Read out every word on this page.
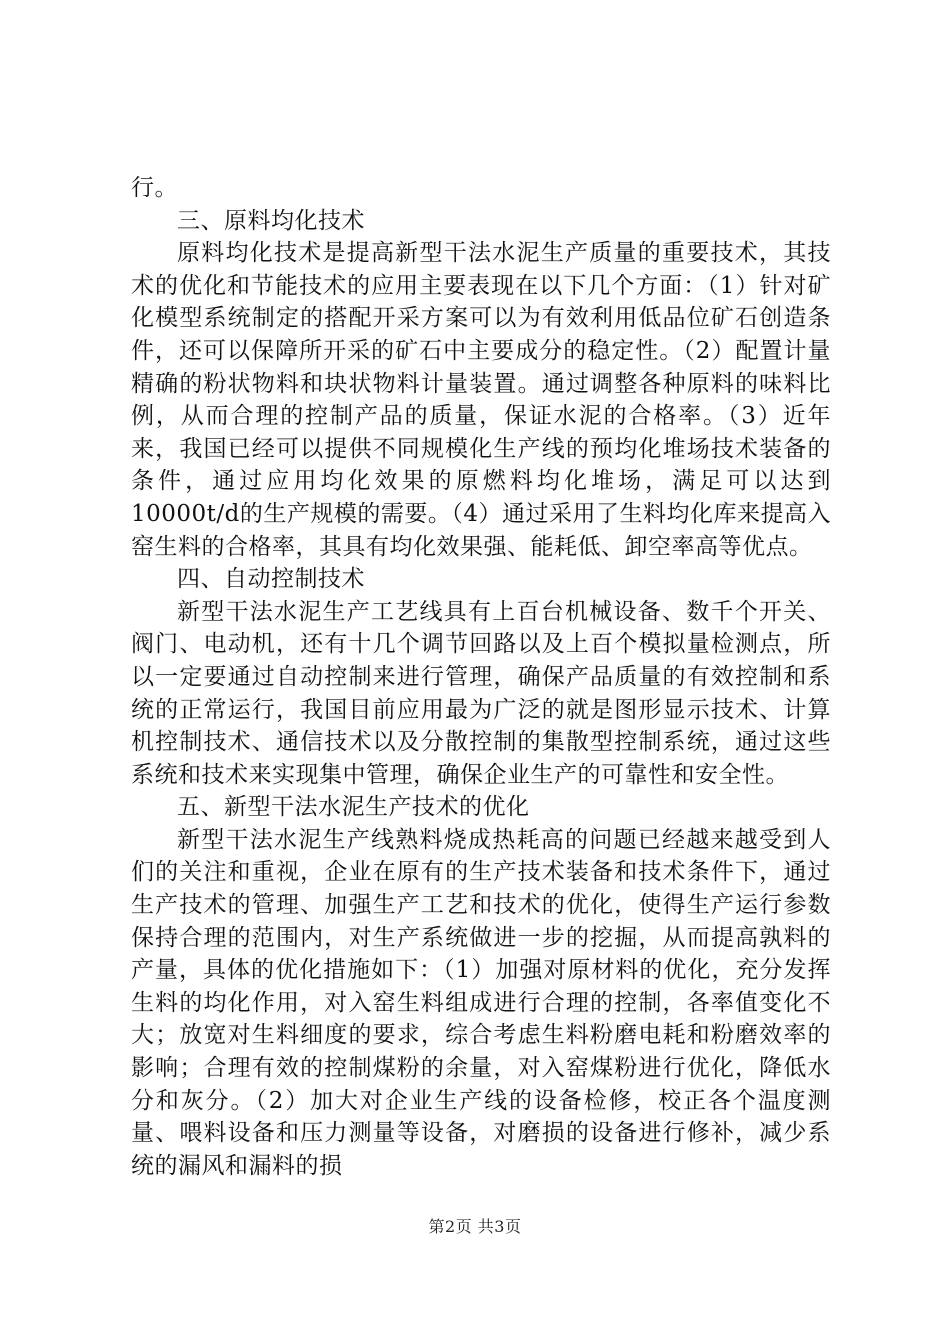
行。

三、原料均化技术

原料均化技术是提高新型干法水泥生产质量的重要技术，其技术的优化和节能技术的应用主要表现在以下几个方面：（1）针对矿化模型系统制定的搭配开采方案可以为有效利用低品位矿石创造条件，还可以保障所开采的矿石中主要成分的稳定性。（2）配置计量精确的粉状物料和块状物料计量装置。通过调整各种原料的味料比例，从而合理的控制产品的质量，保证水泥的合格率。（3）近年来，我国已经可以提供不同规模化生产线的预均化堆场技术装备的条件，通过应用均化效果的原燃料均化堆场，满足可以达到10000t/d的生产规模的需要。（4）通过采用了生料均化库来提高入窑生料的合格率，其具有均化效果强、能耗低、卸空率高等优点。

四、自动控制技术

新型干法水泥生产工艺线具有上百台机械设备、数千个开关、阀门、电动机，还有十几个调节回路以及上百个模拟量检测点，所以一定要通过自动控制来进行管理，确保产品质量的有效控制和系统的正常运行，我国目前应用最为广泛的就是图形显示技术、计算机控制技术、通信技术以及分散控制的集散型控制系统，通过这些系统和技术来实现集中管理，确保企业生产的可靠性和安全性。

五、新型干法水泥生产技术的优化

新型干法水泥生产线熟料烧成热耗高的问题已经越来越受到人们的关注和重视，企业在原有的生产技术装备和技术条件下，通过生产技术的管理、加强生产工艺和技术的优化，使得生产运行参数保持合理的范围内，对生产系统做进一步的挖掘，从而提高孰料的产量，具体的优化措施如下：（1）加强对原材料的优化，充分发挥生料的均化作用，对入窑生料组成进行合理的控制，各率值变化不大；放宽对生料细度的要求，综合考虑生料粉磨电耗和粉磨效率的影响；合理有效的控制煤粉的余量，对入窑煤粉进行优化，降低水分和灰分。（2）加大对企业生产线的设备检修，校正各个温度测量、喂料设备和压力测量等设备，对磨损的设备进行修补，减少系统的漏风和漏料的损

第2页 共3页
